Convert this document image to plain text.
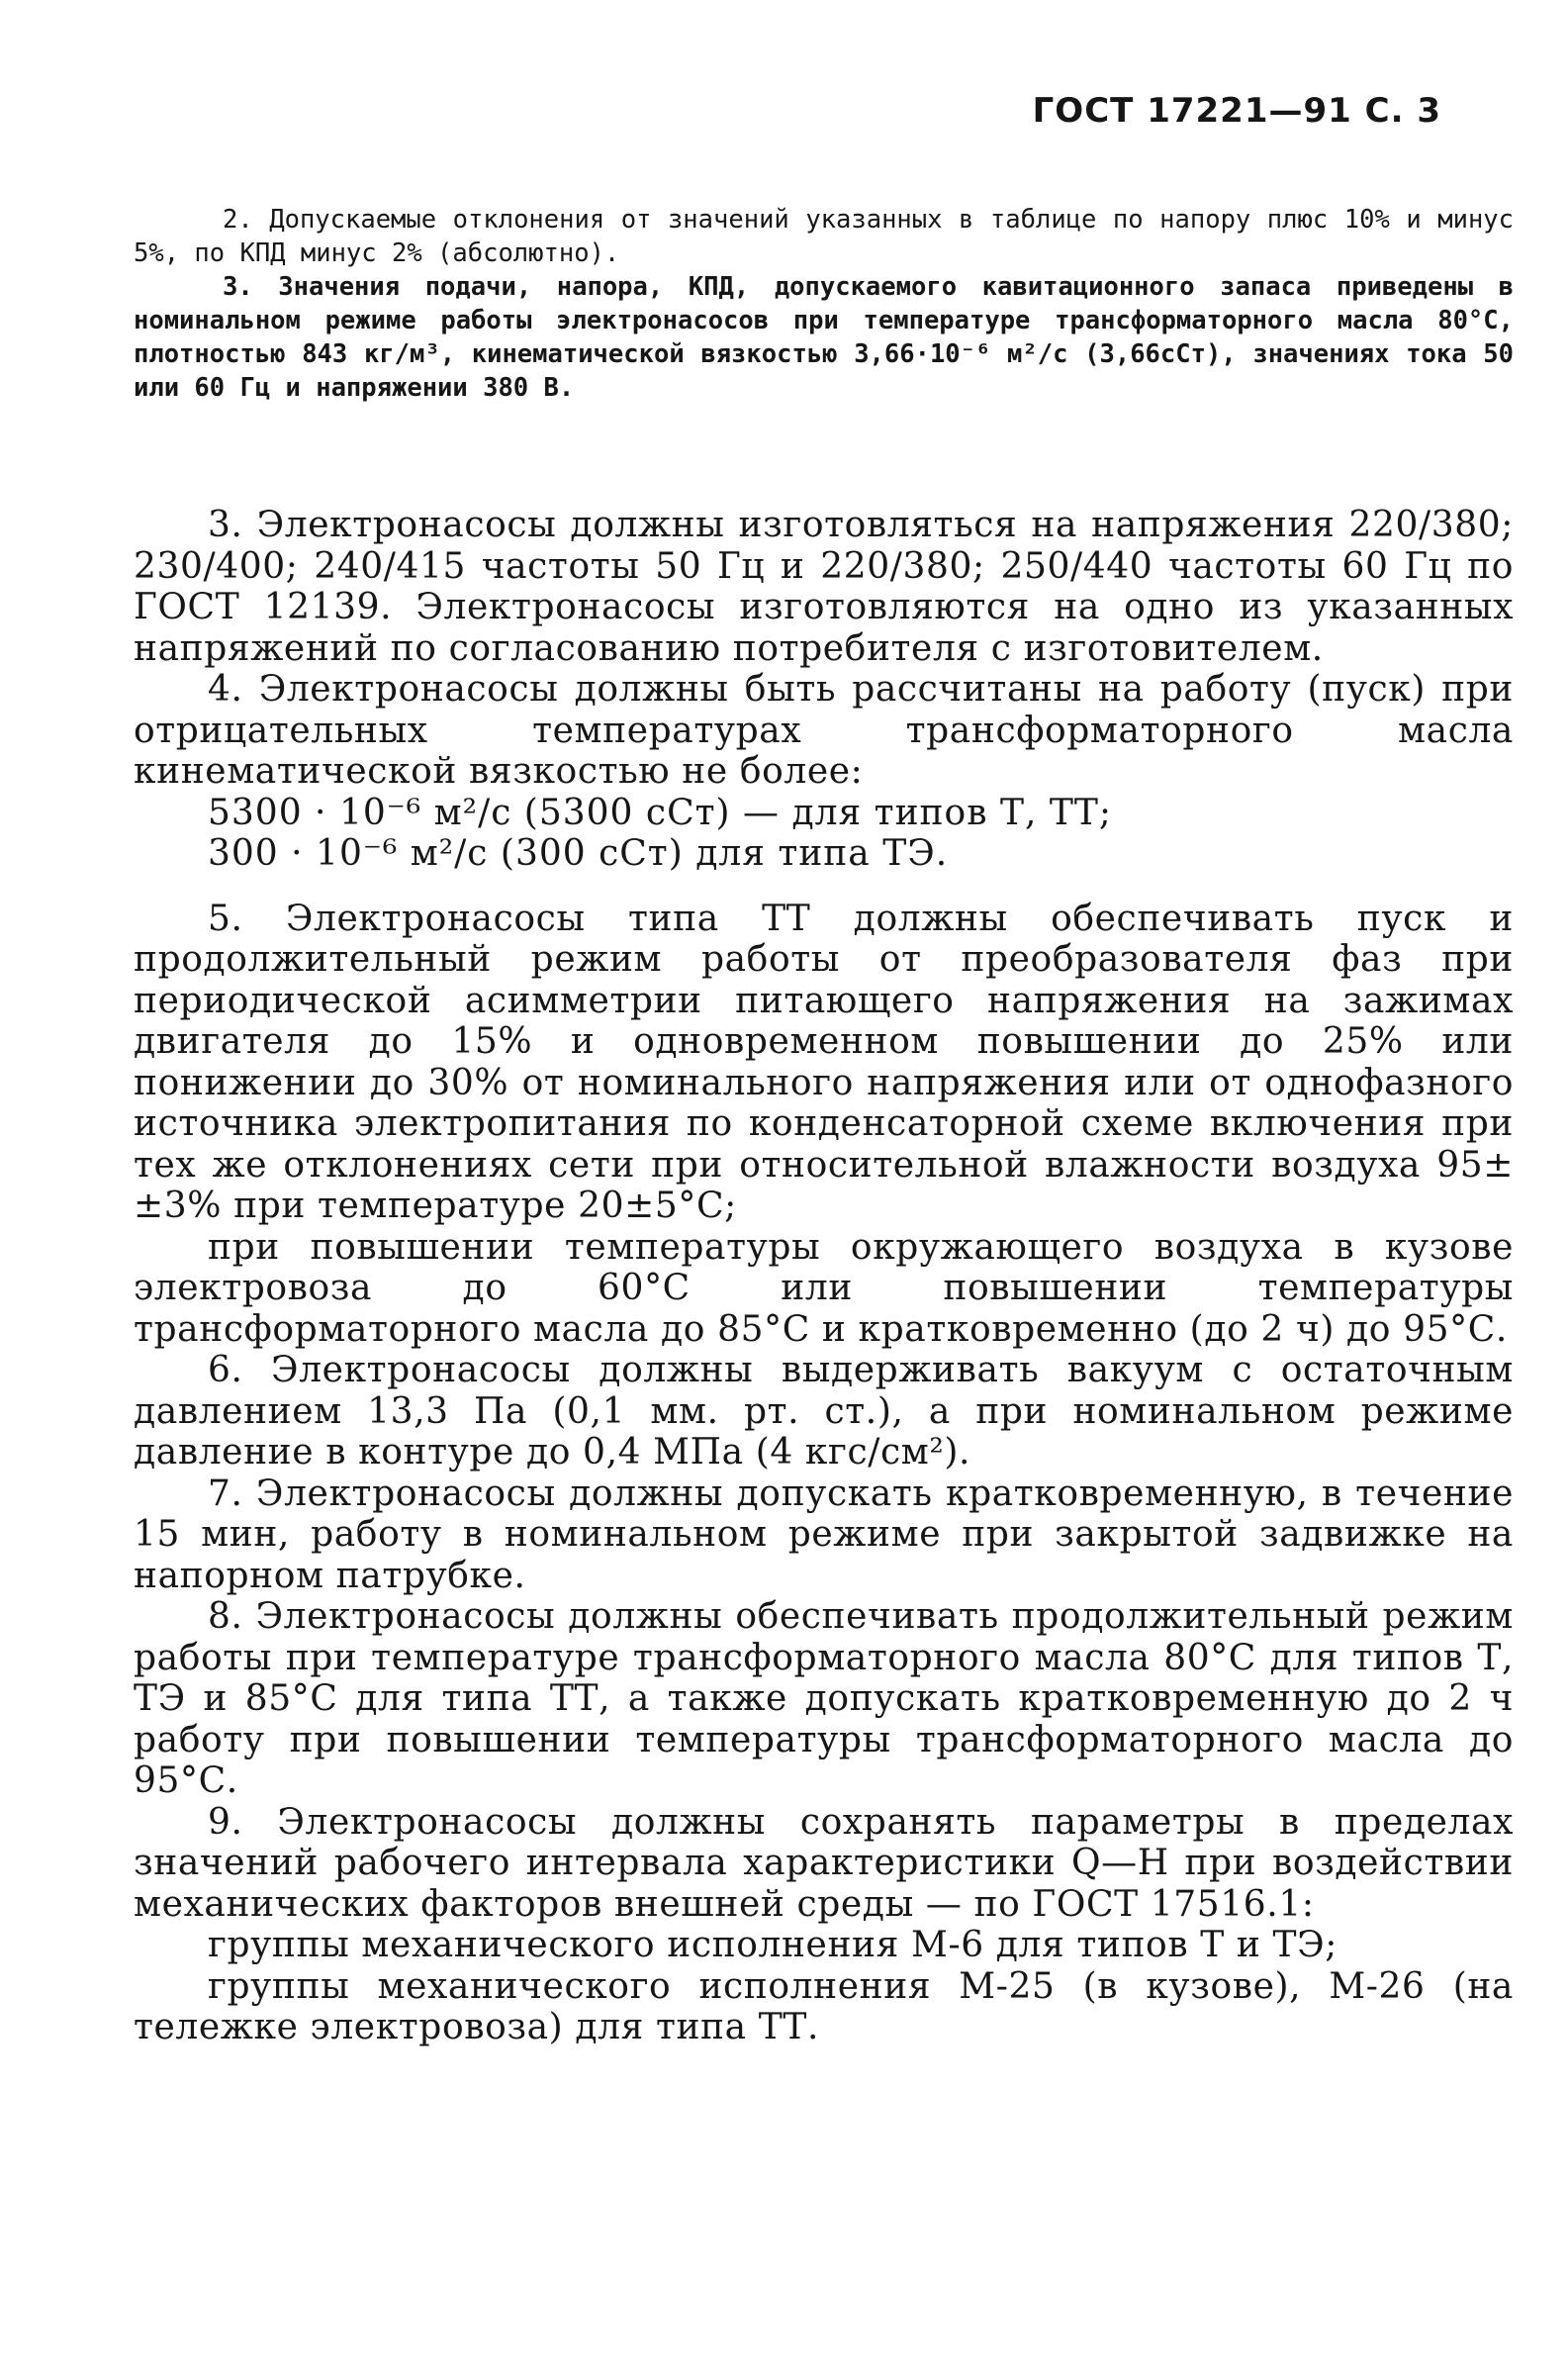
ГОСТ 17221—91 С. 3

2. Допускаемые отклонения от значений указанных в таблице по напору плюс 10% и минус 5%, по КПД минус 2% (абсолютно).

3. Значения подачи, напора, КПД, допускаемого кавитационного запаса приведены в номинальном режиме работы электронасосов при температуре трансформаторного масла 80°С, плотностью 843 кг/м³, кинематической вязкостью 3,66·10⁻⁶ м²/с (3,66сСт), значениях тока 50 или 60 Гц и напряжении 380 В.

3. Электронасосы должны изготовляться на напряжения 220/380; 230/400; 240/415 частоты 50 Гц и 220/380; 250/440 частоты 60 Гц по ГОСТ 12139. Электронасосы изготовляются на одно из указанных напряжений по согласованию потребителя с изготовителем.

4. Электронасосы должны быть рассчитаны на работу (пуск) при отрицательных температурах трансформаторного масла кинематической вязкостью не более:

5300 · 10⁻⁶ м²/с (5300 сСт) — для типов Т, ТТ;

300 · 10⁻⁶ м²/с (300 сСт) для типа ТЭ.

5. Электронасосы типа ТТ должны обеспечивать пуск и продолжительный режим работы от преобразователя фаз при периодической асимметрии питающего напряжения на зажимах двигателя до 15% и одновременном повышении до 25% или понижении до 30% от номинального напряжения или от однофазного источника электропитания по конденсаторной схеме включения при тех же отклонениях сети при относительной влажности воздуха 95±±3% при температуре 20±5°С;

при повышении температуры окружающего воздуха в кузове электровоза до 60°С или повышении температуры трансформаторного масла до 85°С и кратковременно (до 2 ч) до 95°С.

6. Электронасосы должны выдерживать вакуум с остаточным давлением 13,3 Па (0,1 мм. рт. ст.), а при номинальном режиме давление в контуре до 0,4 МПа (4 кгс/см²).

7. Электронасосы должны допускать кратковременную, в течение 15 мин, работу в номинальном режиме при закрытой задвижке на напорном патрубке.

8. Электронасосы должны обеспечивать продолжительный режим работы при температуре трансформаторного масла 80°С для типов Т, ТЭ и 85°С для типа ТТ, а также допускать кратковременную до 2 ч работу при повышении температуры трансформаторного масла до 95°С.

9. Электронасосы должны сохранять параметры в пределах значений рабочего интервала характеристики Q—H при воздействии механических факторов внешней среды — по ГОСТ 17516.1:

группы механического исполнения М-6 для типов Т и ТЭ;

группы механического исполнения М-25 (в кузове), М-26 (на тележке электровоза) для типа ТТ.
